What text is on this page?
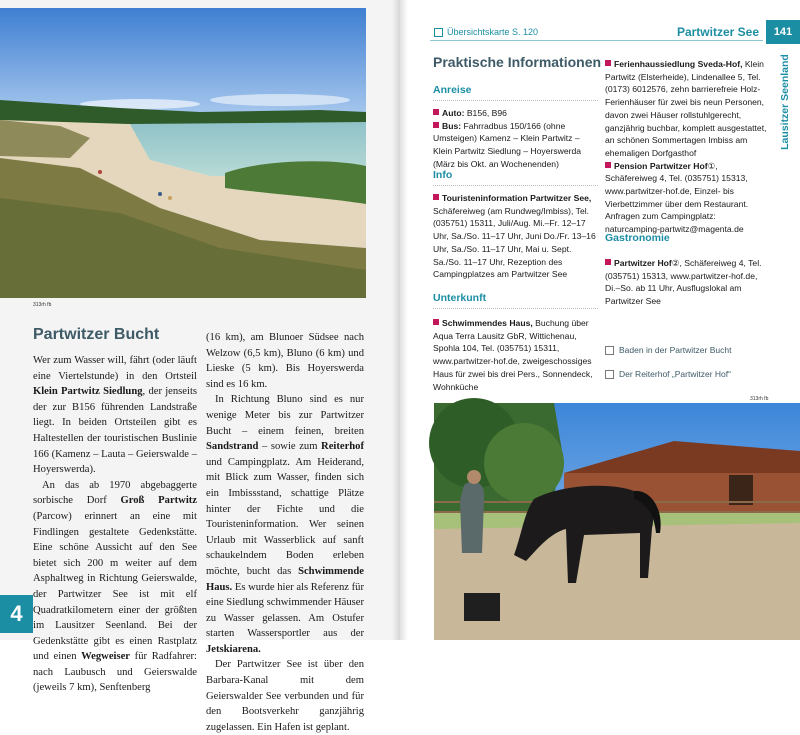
313rh fb
Partwitzer Bucht

Wer zum Wasser will, fährt (oder läuft eine Viertelstunde) in den Ortsteil Klein Partwitz Siedlung, der jenseits der zur B156 führenden Landstraße liegt. In beiden Ortsteilen gibt es Haltestellen der touristischen Buslinie 166 (Kamenz – Lauta – Geierswalde – Hoyerswerda).

An das ab 1970 abgebaggerte sorbische Dorf Groß Partwitz (Parcow) erinnert an eine mit Findlingen gestaltete Gedenkstätte. Eine schöne Aussicht auf den See bietet sich 200 m weiter auf dem Asphaltweg in Richtung Geierswalde, der Partwitzer See ist mit elf Quadratkilometern einer der größten im Lausitzer Seenland. Bei der Gedenkstätte gibt es einen Rastplatz und einen Wegweiser für Radfahrer: nach Laubusch und Geierswalde (jeweils 7 km), Senftenberg

(16 km), am Blunoer Südsee nach Welzow (6,5 km), Bluno (6 km) und Lieske (5 km). Bis Hoyerswerda sind es 16 km.

In Richtung Bluno sind es nur wenige Meter bis zur Partwitzer Bucht – einem feinen, breiten Sandstrand – sowie zum Reiterhof und Campingplatz. Am Heiderand, mit Blick zum Wasser, finden sich ein Imbissstand, schattige Plätze hinter der Fichte und die Touristeninformation. Wer seinen Urlaub mit Wasserblick auf sanft schaukelndem Boden erleben möchte, bucht das Schwimmende Haus. Es wurde hier als Referenz für eine Siedlung schwimmender Häuser zu Wasser gelassen. Am Ostufer starten Wassersportler aus der Jetskiarena.

Der Partwitzer See ist über den Barbara-Kanal mit dem Geierswalder See verbunden und für den Bootsverkehr ganzjährig zugelassen. Ein Hafen ist geplant.

4
Übersichtskarte S. 120	Partwitzer See	141
Lausitzer Seenland
Praktische Informationen
Anreise

Auto: B156, B96

Bus: Fahrradbus 150/166 (ohne Umsteigen) Kamenz – Klein Partwitz – Klein Partwitz Siedlung – Hoyerswerda (März bis Okt. an Wochenenden)

Info

Touristeninformation Partwitzer See, Schäfereiweg (am Rundweg/Imbiss), Tel. (035751) 15311, Juli/Aug. Mi.–Fr. 12–17 Uhr, Sa./So. 11–17 Uhr, Juni Do./Fr. 13–16 Uhr, Sa./So. 11–17 Uhr, Mai u. Sept. Sa./So. 11–17 Uhr, Rezeption des Campingplatzes am Partwitzer See

Unterkunft

Schwimmendes Haus, Buchung über Aqua Terra Lausitz GbR, Wittichenau, Spohla 104, Tel. (035751) 15311, www.partwitzer-hof.de, zweigeschossiges Haus für zwei bis drei Pers., Sonnendeck, Wohnküche

Ferienhaussiedlung Sveda-Hof, Klein Partwitz (Elsterheide), Lindenallee 5, Tel. (0173) 6012576, zehn barrierefreie Holz-Ferienhäuser für zwei bis neun Personen, davon zwei Häuser rollstuhlgerecht, ganzjährig buchbar, komplett ausgestattet, an schönen Sommertagen Imbiss am ehemaligen Dorfgasthof

Pension Partwitzer Hof①, Schäfereiweg 4, Tel. (035751) 15313, www.partwitzer-hof.de, Einzel- bis Vierbettzimmer über dem Restaurant. Anfragen zum Campingplatz: naturcamping-partwitz@magenta.de

Gastronomie

Partwitzer Hof②, Schäfereiweg 4, Tel. (035751) 15313, www.partwitzer-hof.de, Di.–So. ab 11 Uhr, Ausflugslokal am Partwitzer See

Baden in der Partwitzer Bucht
Der Reiterhof „Partwitzer Hof“
313rh fb
